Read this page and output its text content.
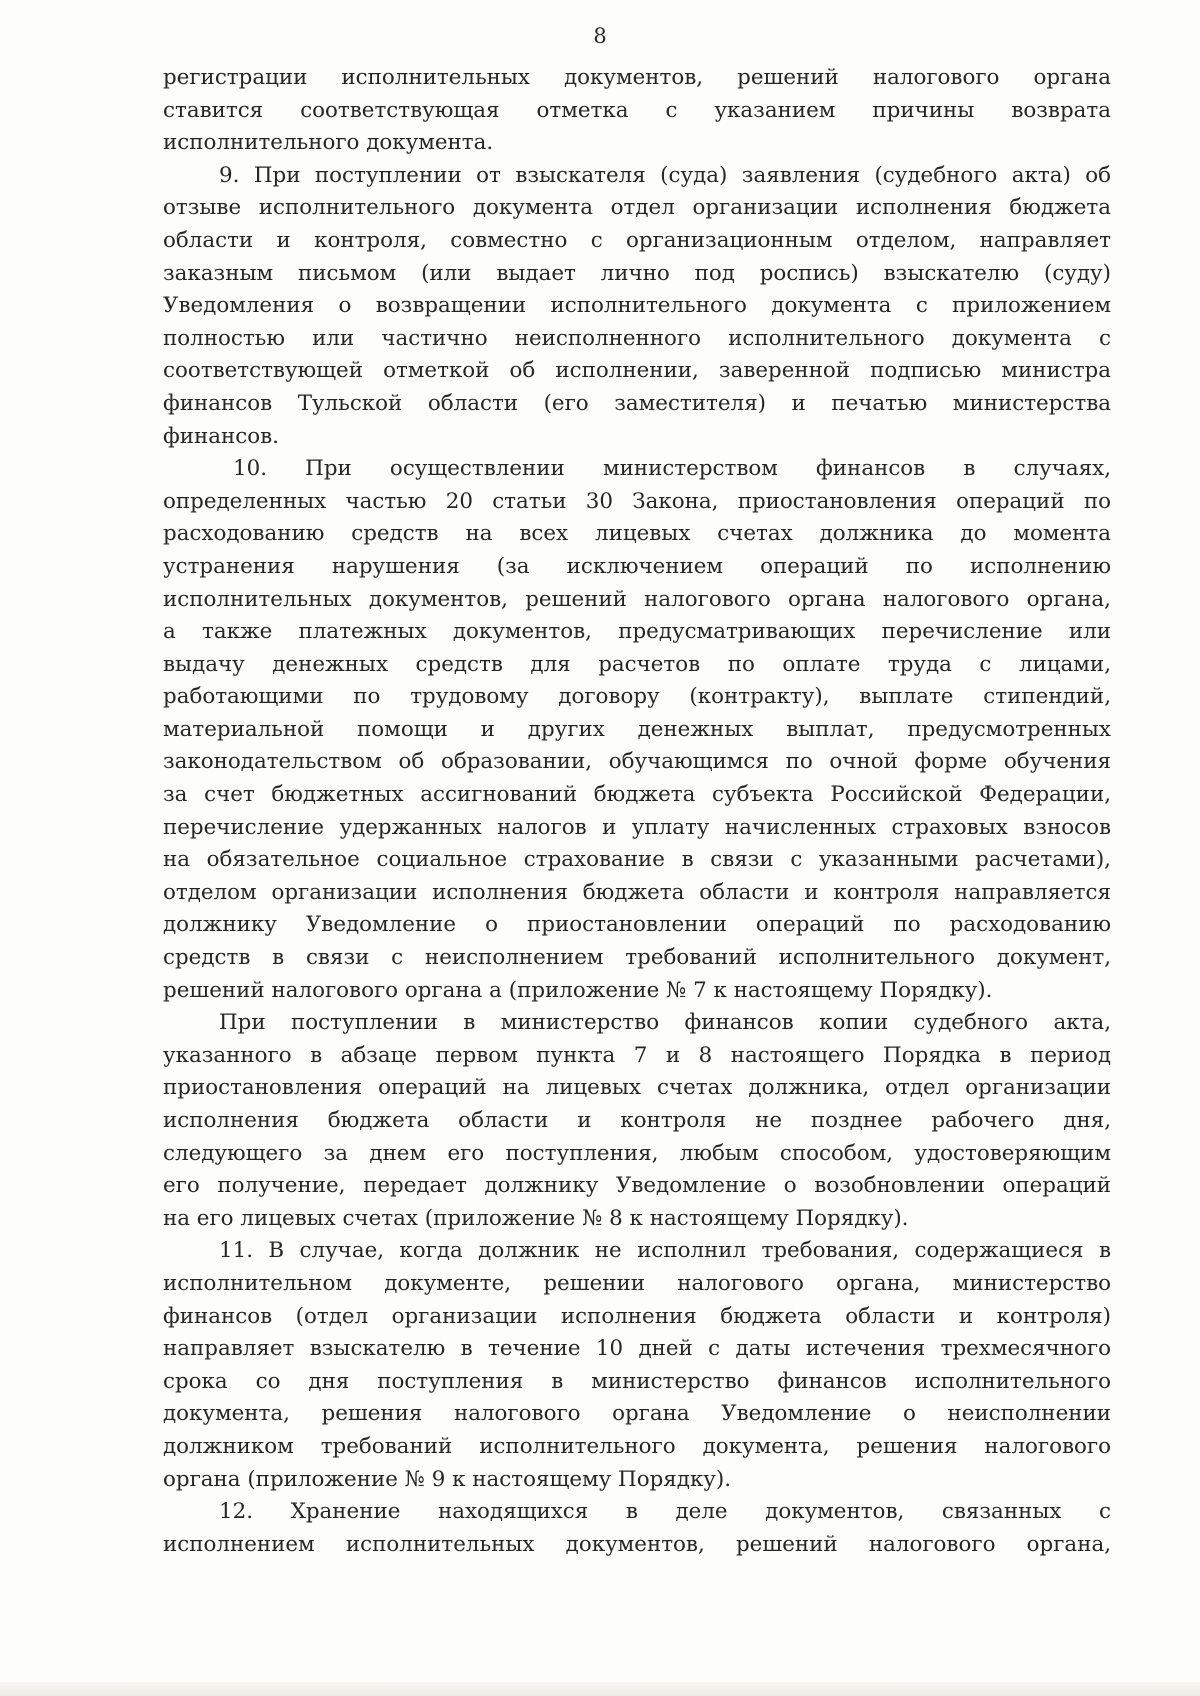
8
регистрации исполнительных документов, решений налогового органа
ставится соответствующая отметка с указанием причины возврата
исполнительного документа.
9. При поступлении от взыскателя (суда) заявления (судебного акта) об
отзыве исполнительного документа отдел организации исполнения бюджета
области и контроля, совместно с организационным отделом, направляет
заказным письмом (или выдает лично под роспись) взыскателю (суду)
Уведомления о возвращении исполнительного документа с приложением
полностью или частично неисполненного исполнительного документа с
соответствующей отметкой об исполнении, заверенной подписью министра
финансов Тульской области (его заместителя) и печатью министерства
финансов.
10. При осуществлении министерством финансов в случаях,
определенных частью 20 статьи 30 Закона, приостановления операций по
расходованию средств на всех лицевых счетах должника до момента
устранения нарушения (за исключением операций по исполнению
исполнительных документов, решений налогового органа налогового органа,
а также платежных документов, предусматривающих перечисление или
выдачу денежных средств для расчетов по оплате труда с лицами,
работающими по трудовому договору (контракту), выплате стипендий,
материальной помощи и других денежных выплат, предусмотренных
законодательством об образовании, обучающимся по очной форме обучения
за счет бюджетных ассигнований бюджета субъекта Российской Федерации,
перечисление удержанных налогов и уплату начисленных страховых взносов
на обязательное социальное страхование в связи с указанными расчетами),
отделом организации исполнения бюджета области и контроля направляется
должнику Уведомление о приостановлении операций по расходованию
средств в связи с неисполнением требований исполнительного документ,
решений налогового органа а (приложение № 7 к настоящему Порядку).
При поступлении в министерство финансов копии судебного акта,
указанного в абзаце первом пункта 7 и 8 настоящего Порядка в период
приостановления операций на лицевых счетах должника, отдел организации
исполнения бюджета области и контроля не позднее рабочего дня,
следующего за днем его поступления, любым способом, удостоверяющим
его получение, передает должнику Уведомление о возобновлении операций
на его лицевых счетах (приложение № 8 к настоящему Порядку).
11. В случае, когда должник не исполнил требования, содержащиеся в
исполнительном документе, решении налогового органа, министерство
финансов (отдел организации исполнения бюджета области и контроля)
направляет взыскателю в течение 10 дней с даты истечения трехмесячного
срока со дня поступления в министерство финансов исполнительного
документа, решения налогового органа Уведомление о неисполнении
должником требований исполнительного документа, решения налогового
органа (приложение № 9 к настоящему Порядку).
12. Хранение находящихся в деле документов, связанных с
исполнением исполнительных документов, решений налогового органа,
